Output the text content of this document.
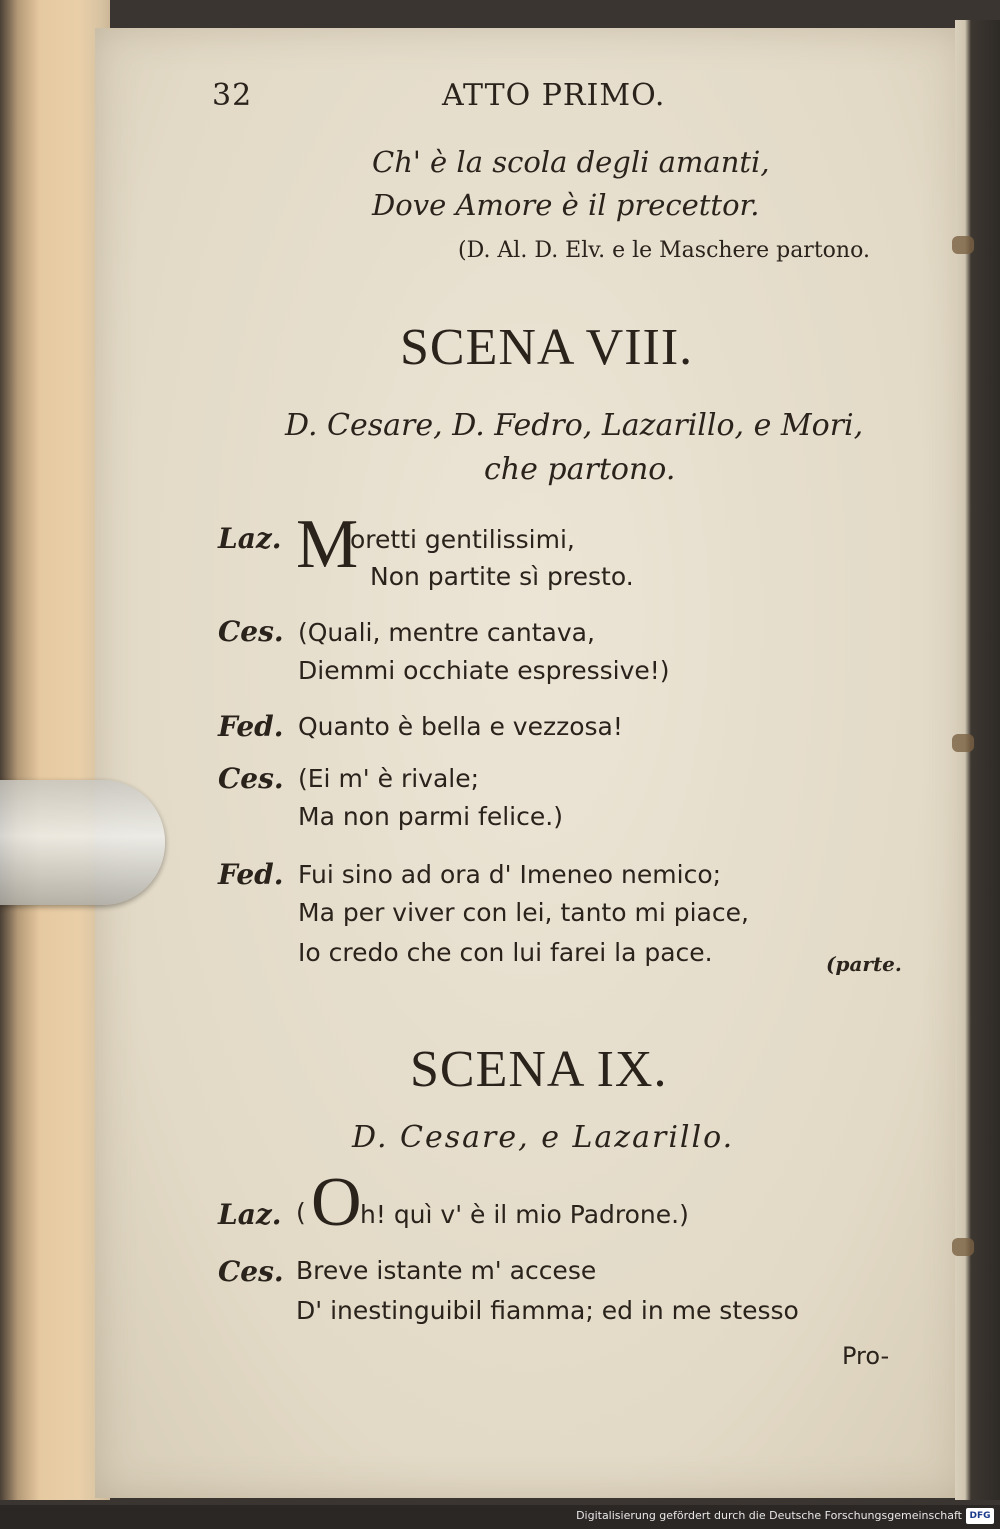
32	ATTO PRIMO.
Ch' è la scola degli amanti,
Dove Amore è il precettor.
(D. Al. D. Elv. e le Maschere partono.
SCENA VIII.
D. Cesare, D. Fedro, Lazarillo, e Mori,
che partono.
Laz. M
oretti gentilissimi,
Non partite sì presto.
Ces. (Quali, mentre cantava,
Diemmi occhiate espressive!)
Fed. Quanto è bella e vezzosa!
Ces. (Ei m' è rivale;
Ma non parmi felice.)
Fed. Fui sino ad ora d' Imeneo nemico;
Ma per viver con lei, tanto mi piace,
Io credo che con lui farei la pace.	(parte.
SCENA IX.
D. Cesare, e Lazarillo.
Laz. ( O
h! quì v' è il mio Padrone.)
Ces. Breve istante m' accese
D' inestinguibil fiamma; ed in me stesso
Pro-
Digitalisierung gefördert durch die Deutsche Forschungsgemeinschaft DFG
